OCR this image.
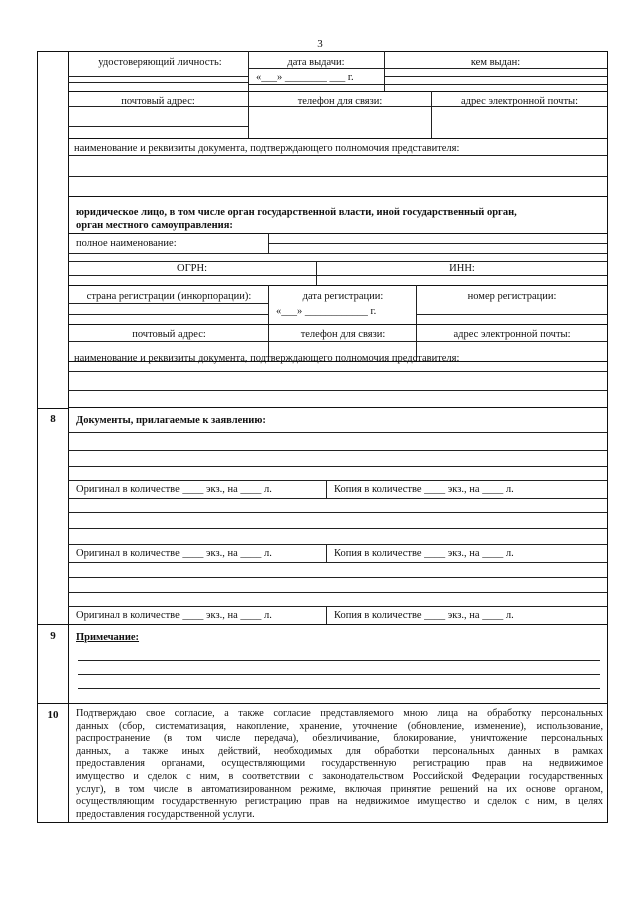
3
удостоверяющий личность:	дата выдачи:	кем выдан:
«___» ________ ___ г.
почтовый адрес:	телефон для связи:	адрес электронной почты:
наименование и реквизиты документа, подтверждающего полномочия представителя:
юридическое лицо, в том числе орган государственной власти, иной государственный орган,
орган местного самоуправления:
полное наименование:
ОГРН:	ИНН:
страна регистрации (инкорпорации):	дата регистрации:	номер регистрации:
«___» ____________ г.
почтовый адрес:	телефон для связи:	адрес электронной почты:
наименование и реквизиты документа, подтверждающего полномочия представителя:
8	Документы, прилагаемые к заявлению:
Оригинал в количестве ____ экз., на ____ л.	Копия в количестве ____ экз., на ____ л.
Оригинал в количестве ____ экз., на ____ л.	Копия в количестве ____ экз., на ____ л.
Оригинал в количестве ____ экз., на ____ л.	Копия в количестве ____ экз., на ____ л.
9	Примечание:
10	Подтверждаю свое согласие, а также согласие представляемого мною лица на обработку персональных
данных (сбор, систематизация, накопление, хранение, уточнение (обновление, изменение), использование,
распространение (в том числе передача), обезличивание, блокирование, уничтожение персональных
данных, а также иных действий, необходимых для обработки персональных данных в рамках
предоставления органами, осуществляющими государственную регистрацию прав на недвижимое
имущество и сделок с ним, в соответствии с законодательством Российской Федерации государственных
услуг), в том числе в автоматизированном режиме, включая принятие решений на их основе органом,
осуществляющим государственную регистрацию прав на недвижимое имущество и сделок с ним, в целях
предоставления государственной услуги.
